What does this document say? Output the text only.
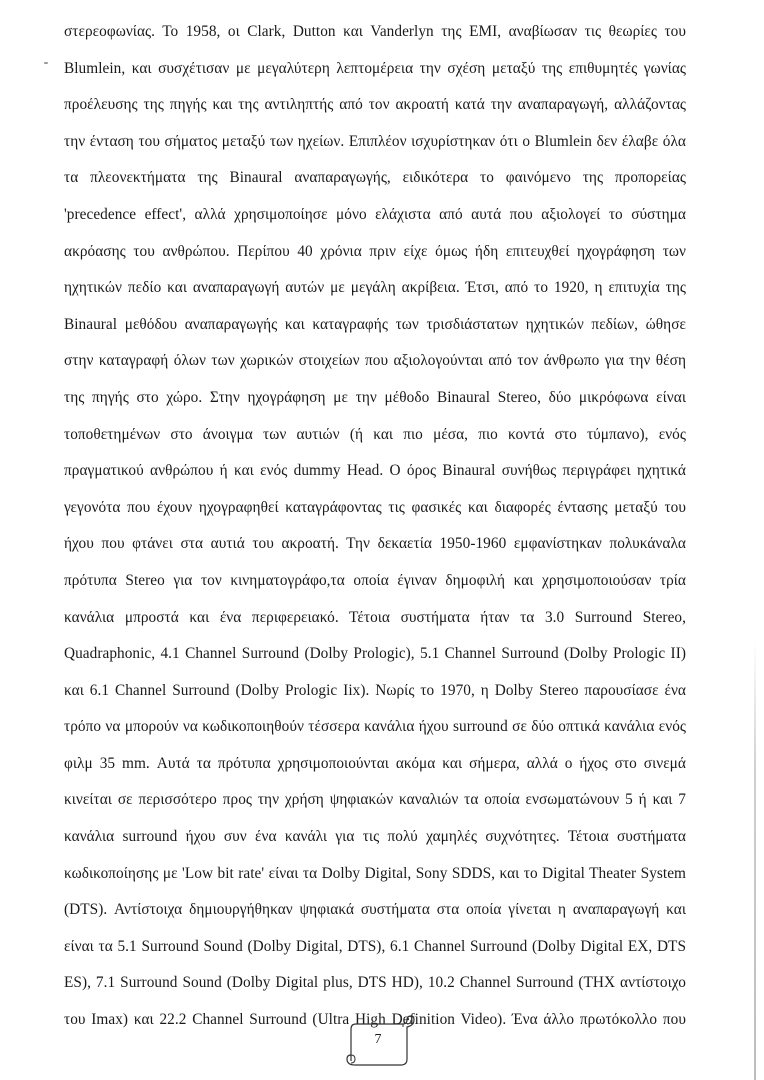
στερεοφωνίας. Το 1958, οι Clark, Dutton και Vanderlyn της EMI, αναβίωσαν τις θεωρίες του
Blumlein, και συσχέτισαν με μεγαλύτερη λεπτομέρεια την σχέση μεταξύ της επιθυμητές γωνίας
προέλευσης της πηγής και της αντιληπτής από τον ακροατή κατά την αναπαραγωγή, αλλάζοντας
την ένταση του σήματος μεταξύ των ηχείων. Επιπλέον ισχυρίστηκαν ότι ο Blumlein δεν έλαβε όλα
τα πλεονεκτήματα της Binaural αναπαραγωγής, ειδικότερα το φαινόμενο της προπορείας
'precedence effect', αλλά χρησιμοποίησε μόνο ελάχιστα από αυτά που αξιολογεί το σύστημα
ακρόασης του ανθρώπου. Περίπου 40 χρόνια πριν είχε όμως ήδη επιτευχθεί ηχογράφηση των
ηχητικών πεδίο και αναπαραγωγή αυτών με μεγάλη ακρίβεια. Έτσι, από το 1920, η επιτυχία της
Binaural μεθόδου αναπαραγωγής και καταγραφής των τρισδιάστατων ηχητικών πεδίων, ώθησε
στην καταγραφή όλων των χωρικών στοιχείων που αξιολογούνται από τον άνθρωπο για την θέση
της πηγής στο χώρο. Στην ηχογράφηση με την μέθοδο Binaural Stereo, δύο μικρόφωνα είναι
τοποθετημένων στο άνοιγμα των αυτιών (ή και πιο μέσα, πιο κοντά στο τύμπανο), ενός
πραγματικού ανθρώπου ή και ενός dummy Head. Ο όρος Binaural συνήθως περιγράφει ηχητικά
γεγονότα που έχουν ηχογραφηθεί καταγράφοντας τις φασικές και διαφορές έντασης μεταξύ του
ήχου που φτάνει στα αυτιά του ακροατή. Την δεκαετία 1950-1960 εμφανίστηκαν πολυκάναλα
πρότυπα Stereo για τον κινηματογράφο,τα οποία έγιναν δημοφιλή και χρησιμοποιούσαν τρία
κανάλια μπροστά και ένα περιφερειακό. Τέτοια συστήματα ήταν τα 3.0 Surround Stereo,
Quadraphonic, 4.1 Channel Surround (Dolby Prologic), 5.1 Channel Surround (Dolby Prologic II)
και 6.1 Channel Surround (Dolby Prologic Iix). Νωρίς το 1970, η Dolby Stereo παρουσίασε ένα
τρόπο να μπορούν να κωδικοποιηθούν τέσσερα κανάλια ήχου surround σε δύο οπτικά κανάλια ενός
φιλμ 35 mm. Αυτά τα πρότυπα χρησιμοποιούνται ακόμα και σήμερα, αλλά ο ήχος στο σινεμά
κινείται σε περισσότερο προς την χρήση ψηφιακών καναλιών τα οποία ενσωματώνουν 5 ή και 7
κανάλια surround ήχου συν ένα κανάλι για τις πολύ χαμηλές συχνότητες. Τέτοια συστήματα
κωδικοποίησης με 'Low bit rate' είναι τα Dolby Digital, Sony SDDS, και το Digital Theater System
(DTS). Αντίστοιχα δημιουργήθηκαν ψηφιακά συστήματα στα οποία γίνεται η αναπαραγωγή και
είναι τα 5.1 Surround Sound (Dolby Digital, DTS), 6.1 Channel Surround (Dolby Digital EX, DTS
ES), 7.1 Surround Sound (Dolby Digital plus, DTS HD), 10.2 Channel Surround (THX αντίστοιχο
του Imax) και 22.2 Channel Surround (Ultra High Definition Video). Ένα άλλο πρωτόκολλο που
7
